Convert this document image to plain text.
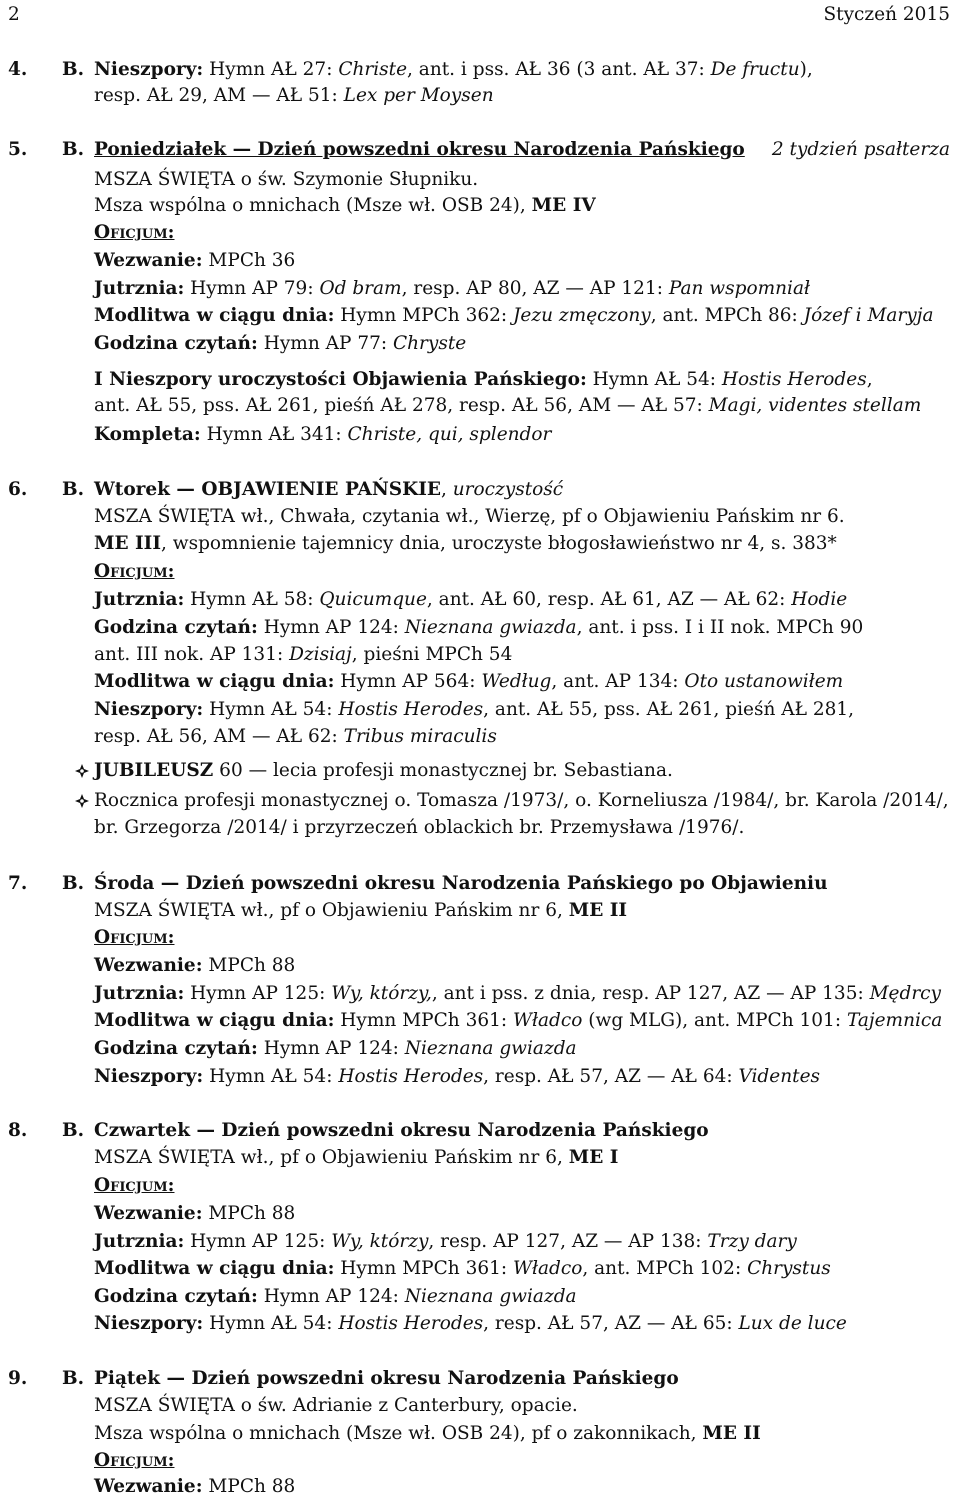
2	Styczeń 2015
4. B. Nieszpory: Hymn AŁ 27: Christe, ant. i pss. AŁ 36 (3 ant. AŁ 37: De fructu),
resp. AŁ 29, AM — AŁ 51: Lex per Moysen
5. B.	2 tydzień psałterza
Poniedziałek — Dzień powszedni okresu Narodzenia Pańskiego
MSZA ŚWIĘTA o św. Szymonie Słupniku.
Msza wspólna o mnichach (Msze wł. OSB 24), ME IV
Oficjum:
Wezwanie: MPCh 36
Jutrznia: Hymn AP 79: Od bram, resp. AP 80, AZ — AP 121: Pan wspomniał
Modlitwa w ciągu dnia: Hymn MPCh 362: Jezu zmęczony, ant. MPCh 86: Józef i Maryja
Godzina czytań: Hymn AP 77: Chryste
I Nieszpory uroczystości Objawienia Pańskiego: Hymn AŁ 54: Hostis Herodes,
ant. AŁ 55, pss. AŁ 261, pieśń AŁ 278, resp. AŁ 56, AM — AŁ 57: Magi, videntes stellam
Kompleta: Hymn AŁ 341: Christe, qui, splendor
6. B. Wtorek — OBJAWIENIE PAŃSKIE, uroczystość
MSZA ŚWIĘTA wł., Chwała, czytania wł., Wierzę, pf o Objawieniu Pańskim nr 6.
ME III, wspomnienie tajemnicy dnia, uroczyste błogosławieństwo nr 4, s. 383*
Oficjum:
Jutrznia: Hymn AŁ 58: Quicumque, ant. AŁ 60, resp. AŁ 61, AZ — AŁ 62: Hodie
Godzina czytań: Hymn AP 124: Nieznana gwiazda, ant. i pss. I i II nok. MPCh 90
ant. III nok. AP 131: Dzisiaj, pieśni MPCh 54
Modlitwa w ciągu dnia: Hymn AP 564: Według, ant. AP 134: Oto ustanowiłem
Nieszpory: Hymn AŁ 54: Hostis Herodes, ant. AŁ 55, pss. AŁ 261, pieśń AŁ 281,
resp. AŁ 56, AM — AŁ 62: Tribus miraculis
JUBILEUSZ 60 — lecia profesji monastycznej br. Sebastiana.
Rocznica profesji monastycznej o. Tomasza /1973/, o. Korneliusza /1984/, br. Karola /2014/,
br. Grzegorza /2014/ i przyrzeczeń oblackich br. Przemysława /1976/.
7. B. Środa — Dzień powszedni okresu Narodzenia Pańskiego po Objawieniu
MSZA ŚWIĘTA wł., pf o Objawieniu Pańskim nr 6, ME II
Oficjum:
Wezwanie: MPCh 88
Jutrznia: Hymn AP 125: Wy, którzy,, ant i pss. z dnia, resp. AP 127, AZ — AP 135: Mędrcy
Modlitwa w ciągu dnia: Hymn MPCh 361: Władco (wg MLG), ant. MPCh 101: Tajemnica
Godzina czytań: Hymn AP 124: Nieznana gwiazda
Nieszpory: Hymn AŁ 54: Hostis Herodes, resp. AŁ 57, AZ — AŁ 64: Videntes
8. B. Czwartek — Dzień powszedni okresu Narodzenia Pańskiego
MSZA ŚWIĘTA wł., pf o Objawieniu Pańskim nr 6, ME I
Oficjum:
Wezwanie: MPCh 88
Jutrznia: Hymn AP 125: Wy, którzy, resp. AP 127, AZ — AP 138: Trzy dary
Modlitwa w ciągu dnia: Hymn MPCh 361: Władco, ant. MPCh 102: Chrystus
Godzina czytań: Hymn AP 124: Nieznana gwiazda
Nieszpory: Hymn AŁ 54: Hostis Herodes, resp. AŁ 57, AZ — AŁ 65: Lux de luce
9. B. Piątek — Dzień powszedni okresu Narodzenia Pańskiego
MSZA ŚWIĘTA o św. Adrianie z Canterbury, opacie.
Msza wspólna o mnichach (Msze wł. OSB 24), pf o zakonnikach, ME II
Oficjum:
Wezwanie: MPCh 88
